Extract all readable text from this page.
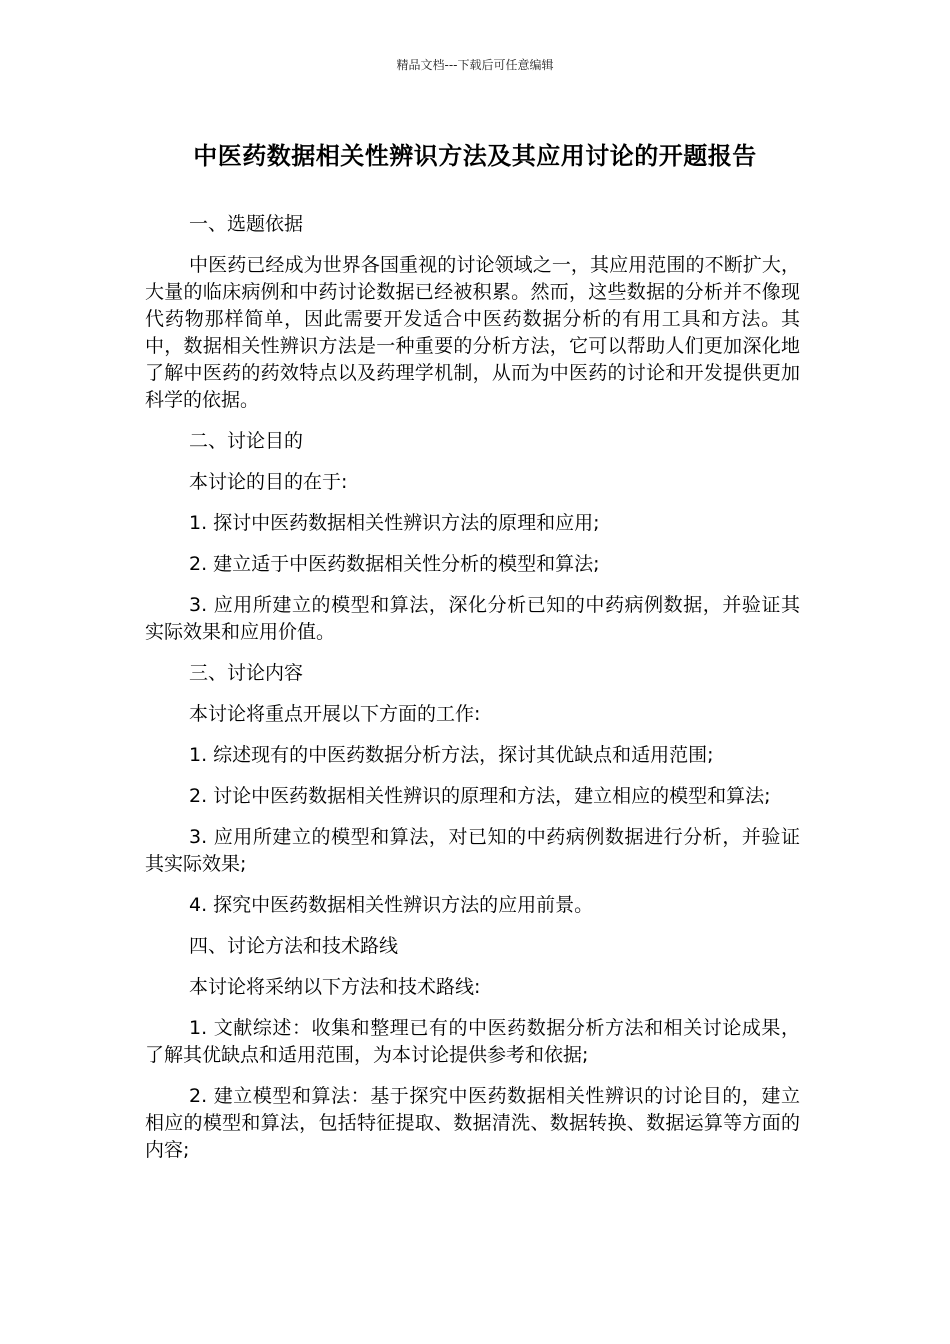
精品文档---下载后可任意编辑
中医药数据相关性辨识方法及其应用讨论的开题报告

一、选题依据

中医药已经成为世界各国重视的讨论领域之一，其应用范围的不断扩大，大量的临床病例和中药讨论数据已经被积累。然而，这些数据的分析并不像现代药物那样简单，因此需要开发适合中医药数据分析的有用工具和方法。其中，数据相关性辨识方法是一种重要的分析方法，它可以帮助人们更加深化地了解中医药的药效特点以及药理学机制，从而为中医药的讨论和开发提供更加科学的依据。

二、讨论目的

本讨论的目的在于:

1. 探讨中医药数据相关性辨识方法的原理和应用;

2. 建立适于中医药数据相关性分析的模型和算法;

3. 应用所建立的模型和算法，深化分析已知的中药病例数据，并验证其实际效果和应用价值。

三、讨论内容

本讨论将重点开展以下方面的工作:

1. 综述现有的中医药数据分析方法，探讨其优缺点和适用范围;

2. 讨论中医药数据相关性辨识的原理和方法，建立相应的模型和算法;

3. 应用所建立的模型和算法，对已知的中药病例数据进行分析，并验证其实际效果;

4. 探究中医药数据相关性辨识方法的应用前景。

四、讨论方法和技术路线

本讨论将采纳以下方法和技术路线:

1. 文献综述：收集和整理已有的中医药数据分析方法和相关讨论成果，了解其优缺点和适用范围，为本讨论提供参考和依据;

2. 建立模型和算法：基于探究中医药数据相关性辨识的讨论目的，建立相应的模型和算法，包括特征提取、数据清洗、数据转换、数据运算等方面的内容;
